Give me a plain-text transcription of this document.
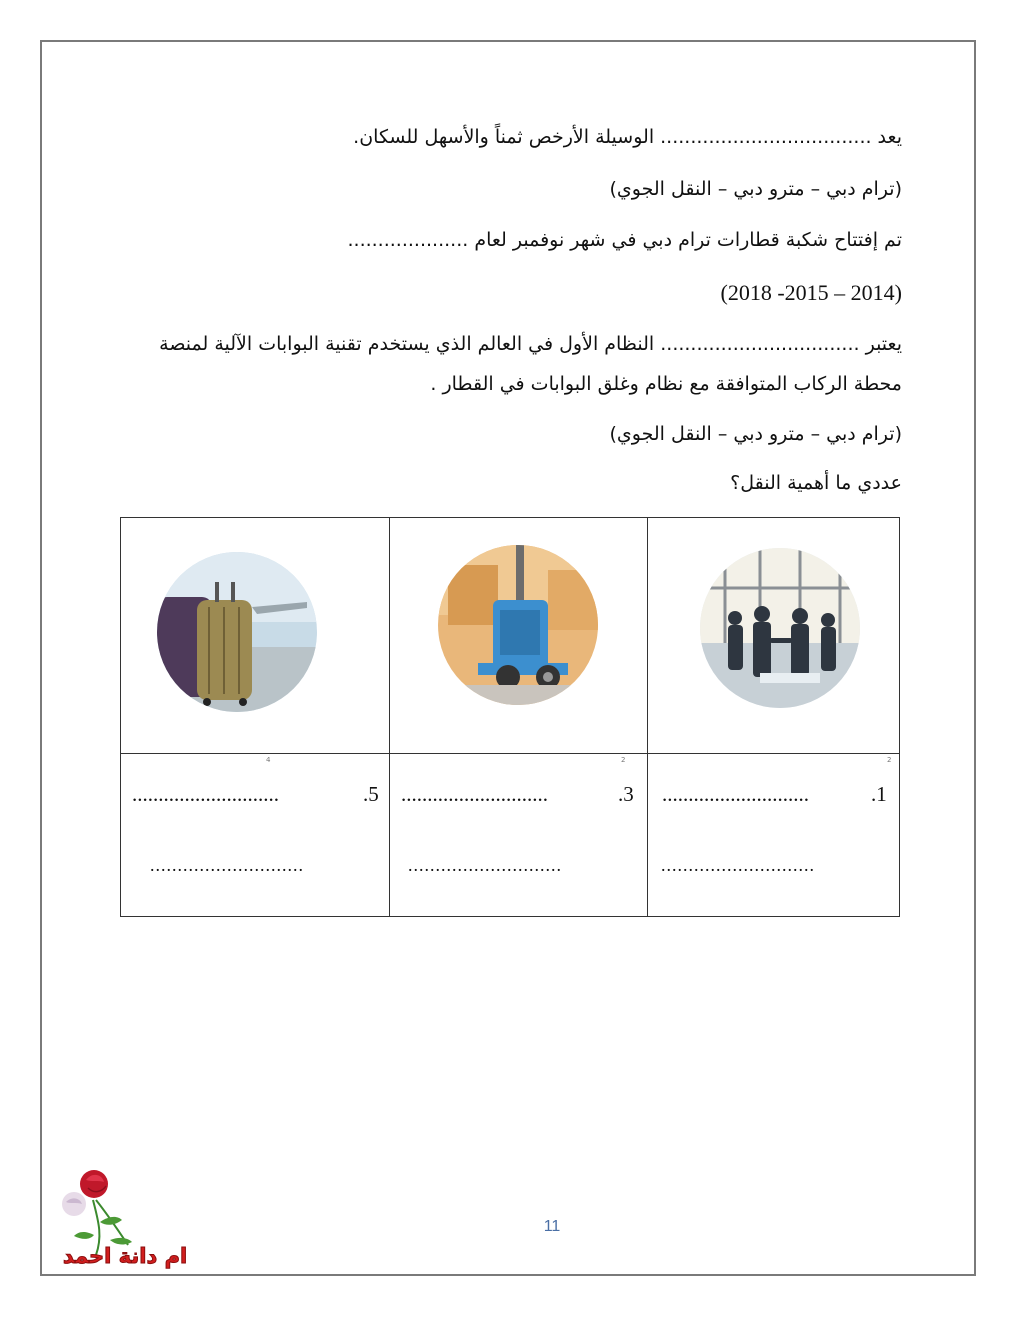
يعد ................................... الوسيلة الأرخص ثمناً والأسهل للسكان.
(ترام دبي – مترو دبي – النقل الجوي)
تم إفتتاح شكبة قطارات ترام دبي في شهر نوفمبر لعام ....................
(2014 – 2015- 2018)
يعتبر ................................. النظام الأول في العالم الذي يستخدم تقنية البوابات الآلية لمنصة محطة الركاب المتوافقة مع نظام وغلق البوابات في القطار .
(ترام دبي – مترو دبي – النقل الجوي)
عددي ما أهمية النقل؟
2
............................	.1
............................
2
............................	.3
............................
4
............................	.5
............................
11
ام دانة احمد
